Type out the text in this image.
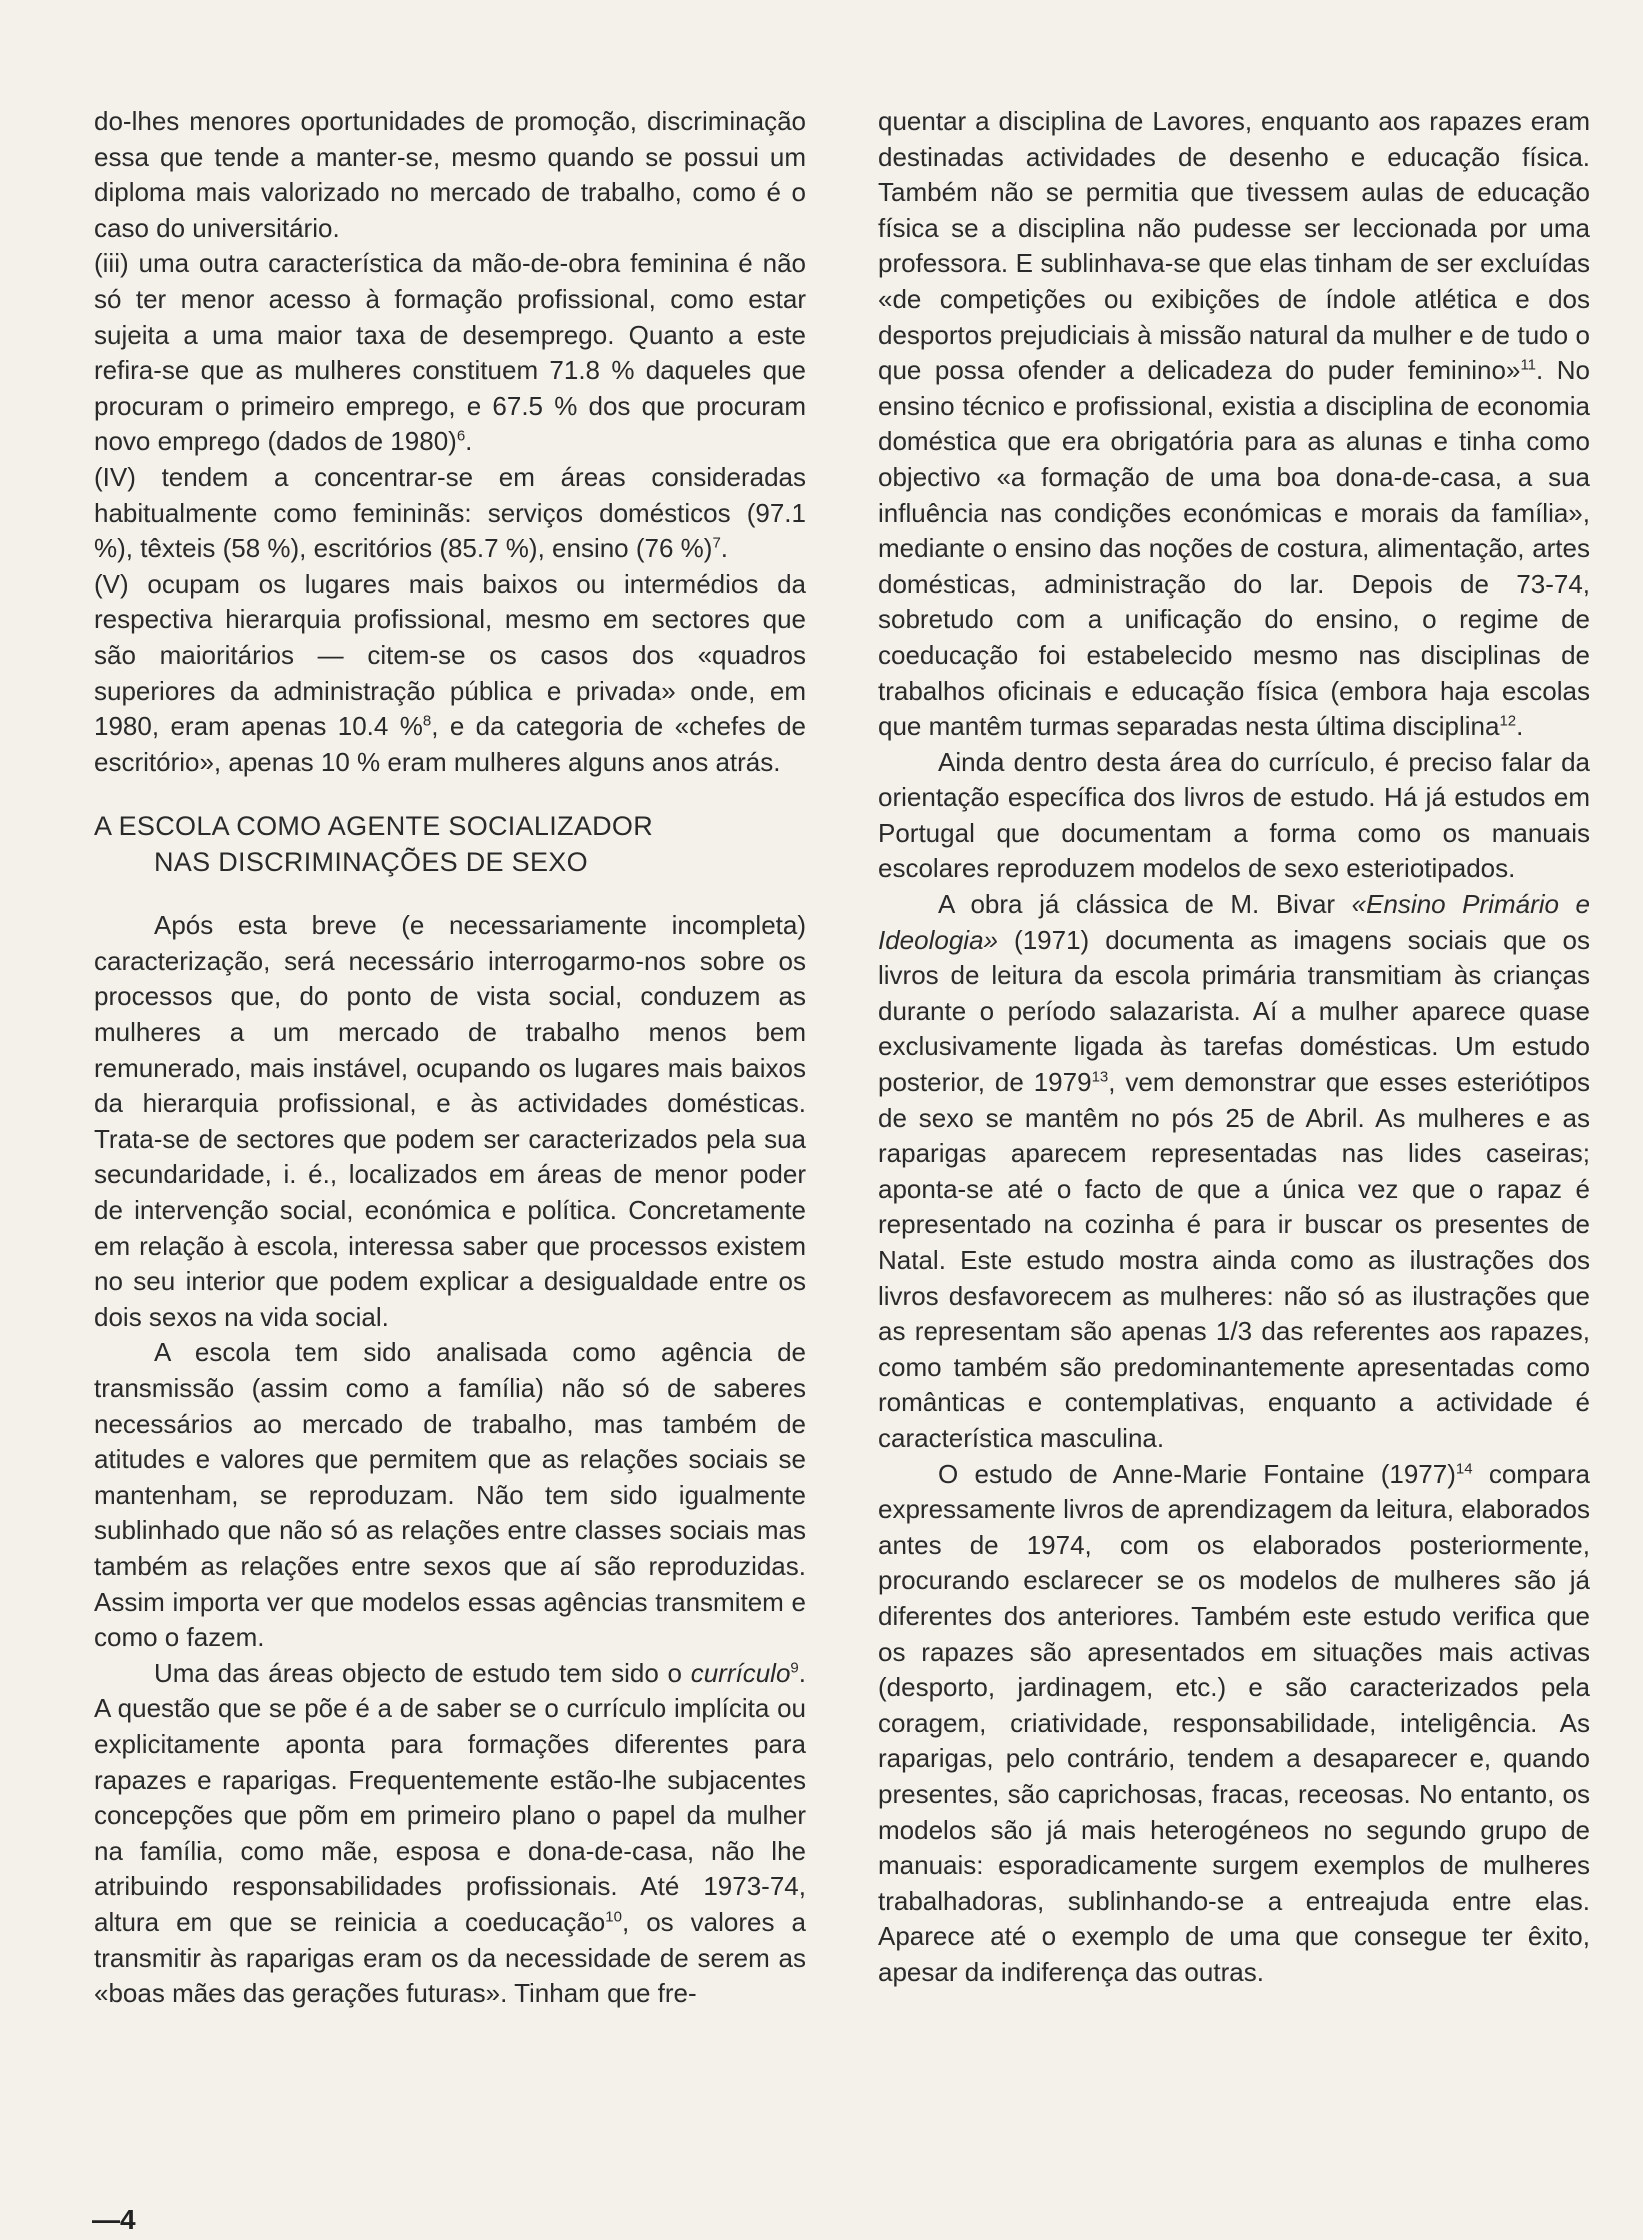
do-lhes menores oportunidades de promoção, discriminação essa que tende a manter-se, mesmo quando se possui um diploma mais valorizado no mercado de trabalho, como é o caso do universitário.

(iii) uma outra característica da mão-de-obra feminina é não só ter menor acesso à formação profissional, como estar sujeita a uma maior taxa de desemprego. Quanto a este refira-se que as mulheres constituem 71.8 % daqueles que procuram o primeiro emprego, e 67.5 % dos que procuram novo emprego (dados de 1980)$^6$.

(IV) tendem a concentrar-se em áreas consideradas habitualmente como femininãs: serviços domésticos (97.1 %), têxteis (58 %), escritórios (85.7 %), ensino (76 %)$^7$.

(V) ocupam os lugares mais baixos ou intermédios da respectiva hierarquia profissional, mesmo em sectores que são maioritários — citem-se os casos dos «quadros superiores da administração pública e privada» onde, em 1980, eram apenas 10.4 %$^8$, e da categoria de «chefes de escritório», apenas 10 % eram mulheres alguns anos atrás.

A ESCOLA COMO AGENTE SOCIALIZADOR
NAS DISCRIMINAÇÕES DE SEXO

Após esta breve (e necessariamente incompleta) caracterização, será necessário interrogarmo-nos sobre os processos que, do ponto de vista social, conduzem as mulheres a um mercado de trabalho menos bem remunerado, mais instável, ocupando os lugares mais baixos da hierarquia profissional, e às actividades domésticas. Trata-se de sectores que podem ser caracterizados pela sua secundaridade, i. é., localizados em áreas de menor poder de intervenção social, económica e política. Concretamente em relação à escola, interessa saber que processos existem no seu interior que podem explicar a desigualdade entre os dois sexos na vida social.

A escola tem sido analisada como agência de transmissão (assim como a família) não só de saberes necessários ao mercado de trabalho, mas também de atitudes e valores que permitem que as relações sociais se mantenham, se reproduzam. Não tem sido igualmente sublinhado que não só as relações entre classes sociais mas também as relações entre sexos que aí são reproduzidas. Assim importa ver que modelos essas agências transmitem e como o fazem.

Uma das áreas objecto de estudo tem sido o currículo$^9$. A questão que se põe é a de saber se o currículo implícita ou explicitamente aponta para formações diferentes para rapazes e raparigas. Frequentemente estão-lhe subjacentes concepções que põm em primeiro plano o papel da mulher na família, como mãe, esposa e dona-de-casa, não lhe atribuindo responsabilidades profissionais. Até 1973-74, altura em que se reinicia a coeducação$^{10}$, os valores a transmitir às raparigas eram os da necessidade de serem as «boas mães das gerações futuras». Tinham que fre-

quentar a disciplina de Lavores, enquanto aos rapazes eram destinadas actividades de desenho e educação física. Também não se permitia que tivessem aulas de educação física se a disciplina não pudesse ser leccionada por uma professora. E sublinhava-se que elas tinham de ser excluídas «de competições ou exibições de índole atlética e dos desportos prejudiciais à missão natural da mulher e de tudo o que possa ofender a delicadeza do puder feminino»$^{11}$. No ensino técnico e profissional, existia a disciplina de economia doméstica que era obrigatória para as alunas e tinha como objectivo «a formação de uma boa dona-de-casa, a sua influência nas condições económicas e morais da família», mediante o ensino das noções de costura, alimentação, artes domésticas, administração do lar. Depois de 73-74, sobretudo com a unificação do ensino, o regime de coeducação foi estabelecido mesmo nas disciplinas de trabalhos oficinais e educação física (embora haja escolas que mantêm turmas separadas nesta última disciplina$^{12}$.

Ainda dentro desta área do currículo, é preciso falar da orientação específica dos livros de estudo. Há já estudos em Portugal que documentam a forma como os manuais escolares reproduzem modelos de sexo esteriotipados.

A obra já clássica de M. Bivar «Ensino Primário e Ideologia» (1971) documenta as imagens sociais que os livros de leitura da escola primária transmitiam às crianças durante o período salazarista. Aí a mulher aparece quase exclusivamente ligada às tarefas domésticas. Um estudo posterior, de 1979$^{13}$, vem demonstrar que esses esteriótipos de sexo se mantêm no pós 25 de Abril. As mulheres e as raparigas aparecem representadas nas lides caseiras; aponta-se até o facto de que a única vez que o rapaz é representado na cozinha é para ir buscar os presentes de Natal. Este estudo mostra ainda como as ilustrações dos livros desfavorecem as mulheres: não só as ilustrações que as representam são apenas 1/3 das referentes aos rapazes, como também são predominantemente apresentadas como românticas e contemplativas, enquanto a actividade é característica masculina.

O estudo de Anne-Marie Fontaine $(1977)^{14}$ compara expressamente livros de aprendizagem da leitura, elaborados antes de 1974, com os elaborados posteriormente, procurando esclarecer se os modelos de mulheres são já diferentes dos anteriores. Também este estudo verifica que os rapazes são apresentados em situações mais activas (desporto, jardinagem, etc.) e são caracterizados pela coragem, criatividade, responsabilidade, inteligência. As raparigas, pelo contrário, tendem a desaparecer e, quando presentes, são caprichosas, fracas, receosas. No entanto, os modelos são já mais heterogéneos no segundo grupo de manuais: esporadicamente surgem exemplos de mulheres trabalhadoras, sublinhando-se a entreajuda entre elas. Aparece até o exemplo de uma que consegue ter êxito, apesar da indiferença das outras.

—4
